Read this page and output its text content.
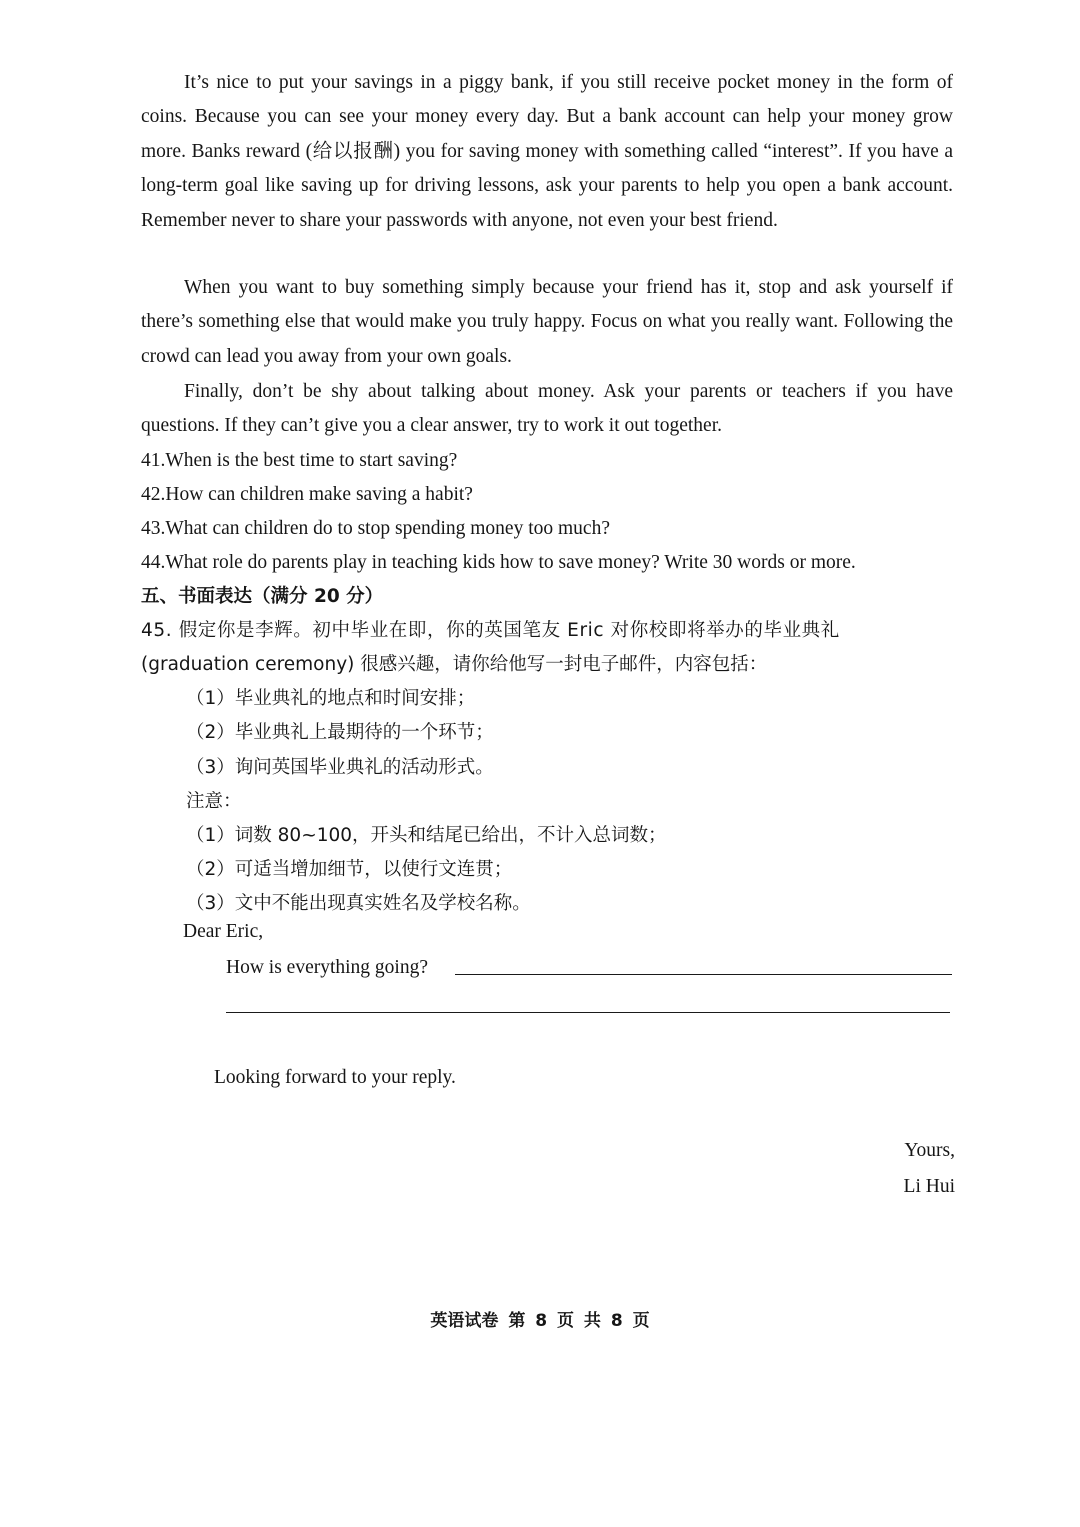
It’s nice to put your savings in a piggy bank, if you still receive pocket money in the form of coins. Because you can see your money every day. But a bank account can help your money grow more. Banks reward (给以报酬) you for saving money with something called “interest”. If you have a long-term goal like saving up for driving lessons, ask your parents to help you open a bank account. Remember never to share your passwords with anyone, not even your best friend.

When you want to buy something simply because your friend has it, stop and ask yourself if there’s something else that would make you truly happy. Focus on what you really want. Following the crowd can lead you away from your own goals.

Finally, don’t be shy about talking about money. Ask your parents or teachers if you have questions. If they can’t give you a clear answer, try to work it out together.

41.When is the best time to start saving?

42.How can children make saving a habit?

43.What can children do to stop spending money too much?

44.What role do parents play in teaching kids how to save money? Write 30 words or more.

五、书面表达（满分 20 分）

45. 假定你是李辉。初中毕业在即，你的英国笔友 Eric 对你校即将举办的毕业典礼

(graduation ceremony) 很感兴趣，请你给他写一封电子邮件，内容包括：

（1）毕业典礼的地点和时间安排；

（2）毕业典礼上最期待的一个环节；

（3）询问英国毕业典礼的活动形式。

注意：

（1）词数 80~100，开头和结尾已给出，不计入总词数；

（2）可适当增加细节，以使行文连贯；

（3）文中不能出现真实姓名及学校名称。

Dear Eric,

How is everything going?

Looking forward to your reply.

Yours,

Li Hui

英语试卷 第 8 页 共 8 页
